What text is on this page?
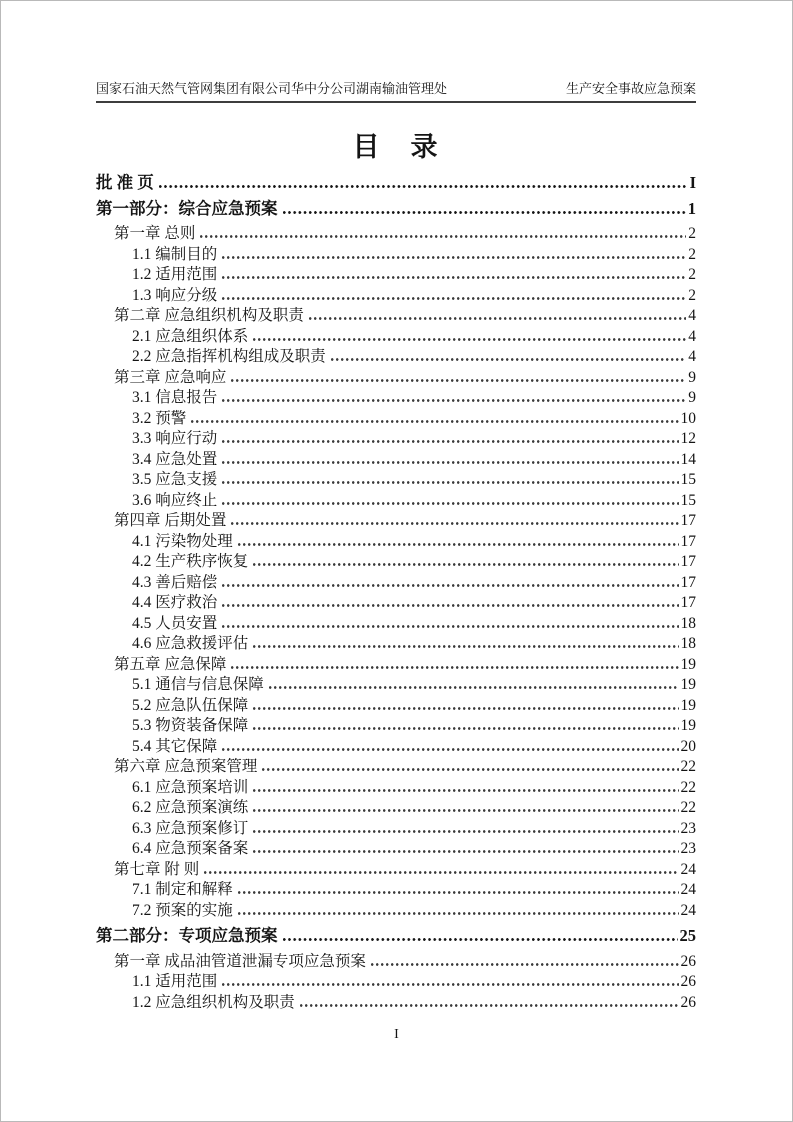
国家石油天然气管网集团有限公司华中分公司湖南输油管理处	生产安全事故应急预案
目　录
批 准 页	I
第一部分：综合应急预案	1
第一章 总则	2
1.1 编制目的	2
1.2 适用范围	2
1.3 响应分级	2
第二章 应急组织机构及职责	4
2.1 应急组织体系	4
2.2 应急指挥机构组成及职责	4
第三章 应急响应	9
3.1 信息报告	9
3.2 预警	10
3.3 响应行动	12
3.4 应急处置	14
3.5 应急支援	15
3.6 响应终止	15
第四章 后期处置	17
4.1 污染物处理	17
4.2 生产秩序恢复	17
4.3 善后赔偿	17
4.4 医疗救治	17
4.5 人员安置	18
4.6 应急救援评估	18
第五章 应急保障	19
5.1 通信与信息保障	19
5.2 应急队伍保障	19
5.3 物资装备保障	19
5.4 其它保障	20
第六章 应急预案管理	22
6.1 应急预案培训	22
6.2 应急预案演练	22
6.3 应急预案修订	23
6.4 应急预案备案	23
第七章 附 则	24
7.1 制定和解释	24
7.2 预案的实施	24
第二部分：专项应急预案	25
第一章 成品油管道泄漏专项应急预案	26
1.1 适用范围	26
1.2 应急组织机构及职责	26
I
